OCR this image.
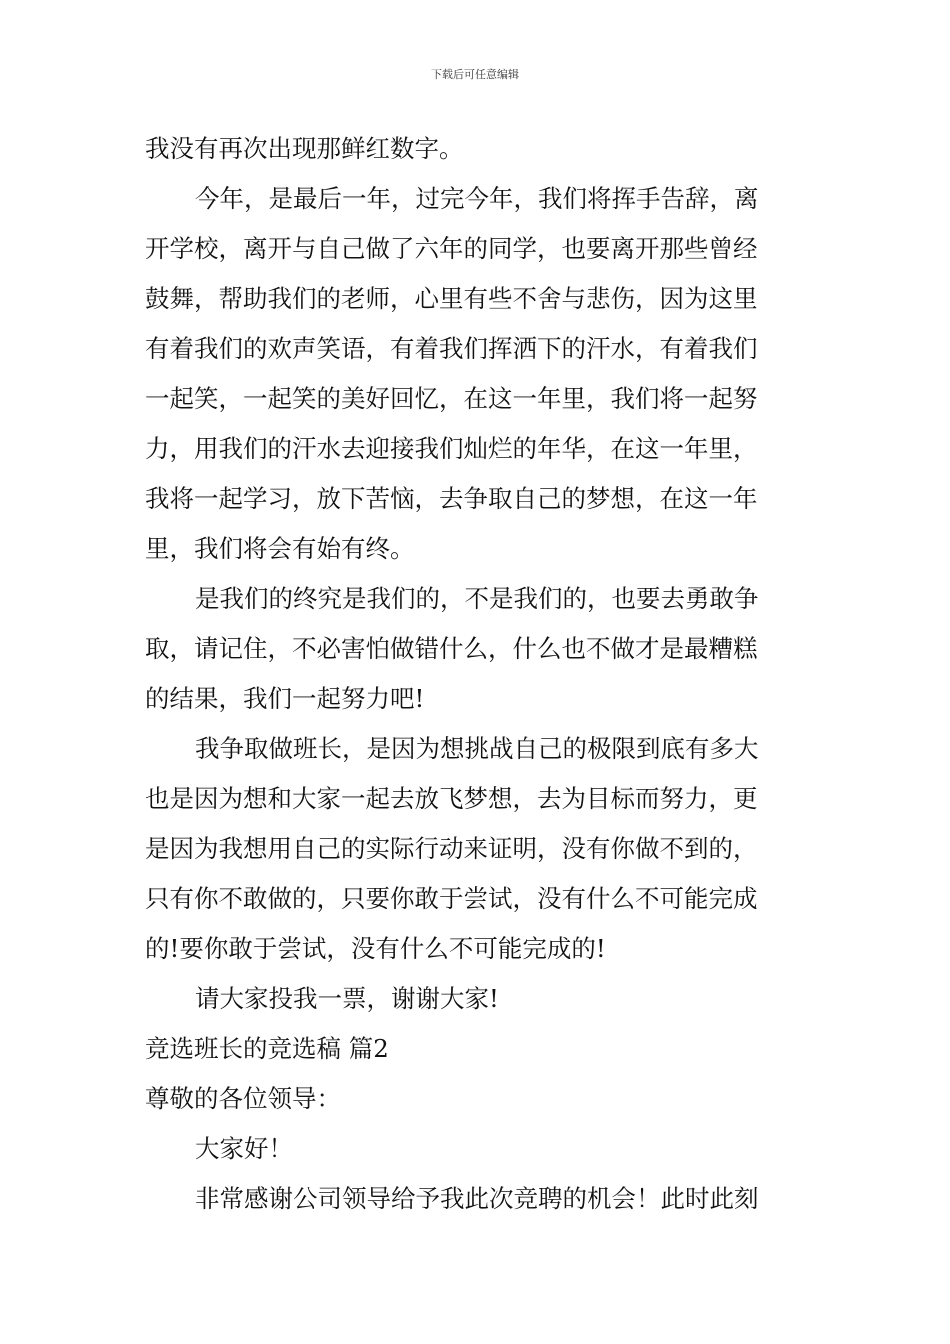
下载后可任意编辑
我没有再次出现那鲜红数字。
今年，是最后一年，过完今年，我们将挥手告辞，离
开学校，离开与自己做了六年的同学，也要离开那些曾经
鼓舞，帮助我们的老师，心里有些不舍与悲伤，因为这里
有着我们的欢声笑语，有着我们挥洒下的汗水，有着我们
一起笑，一起笑的美好回忆，在这一年里，我们将一起努
力，用我们的汗水去迎接我们灿烂的年华，在这一年里，
我将一起学习，放下苦恼，去争取自己的梦想，在这一年
里，我们将会有始有终。
是我们的终究是我们的，不是我们的，也要去勇敢争
取，请记住，不必害怕做错什么，什么也不做才是最糟糕
的结果，我们一起努力吧!
我争取做班长，是因为想挑战自己的极限到底有多大
也是因为想和大家一起去放飞梦想，去为目标而努力，更
是因为我想用自己的实际行动来证明，没有你做不到的，
只有你不敢做的，只要你敢于尝试，没有什么不可能完成
的!要你敢于尝试，没有什么不可能完成的!
请大家投我一票，谢谢大家!
竞选班长的竞选稿 篇2
尊敬的各位领导：
大家好！
非常感谢公司领导给予我此次竞聘的机会！此时此刻
